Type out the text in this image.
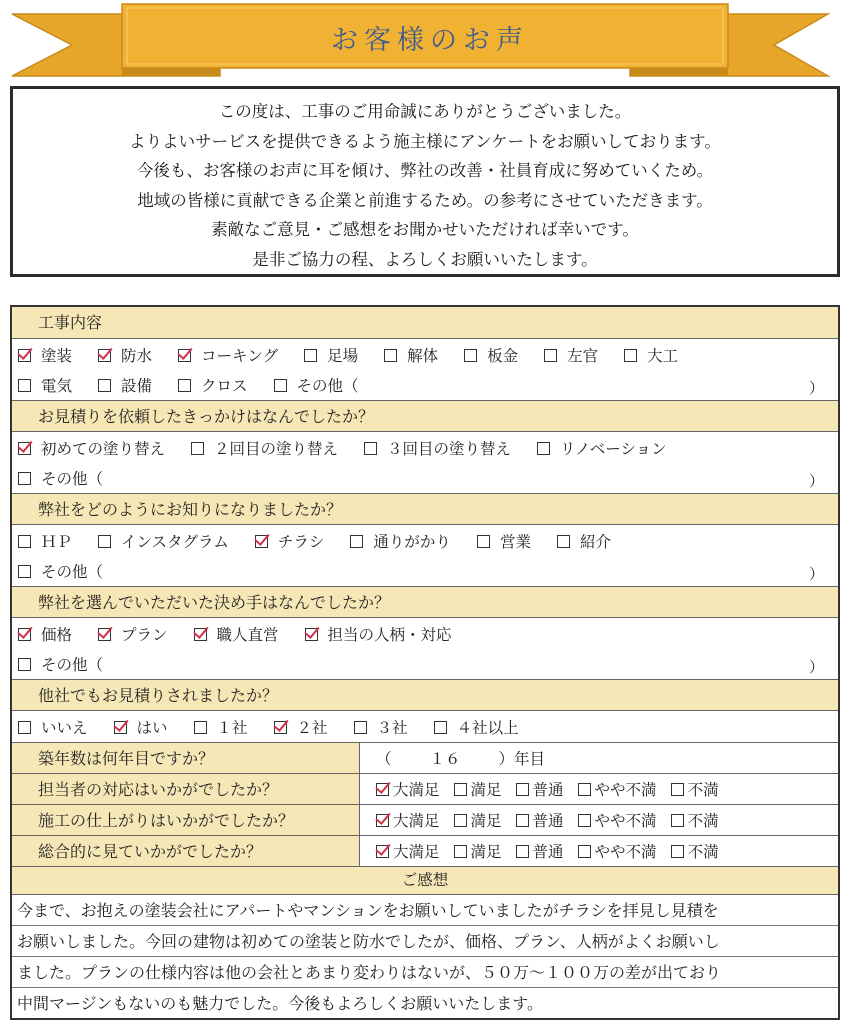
お客様のお声
この度は、工事のご用命誠にありがとうございました。
よりよいサービスを提供できるよう施主様にアンケートをお願いしております。
今後も、お客様のお声に耳を傾け、弊社の改善・社員育成に努めていくため。
地域の皆様に貢献できる企業と前進するため。の参考にさせていただきます。
素敵なご意見・ご感想をお聞かせいただければ幸いです。
是非ご協力の程、よろしくお願いいたします。
工事内容
塗装	防水	コーキング	足場	解体	板金	左官	大工
電気	設備	クロス	その他（	）
お見積りを依頼したきっかけはなんでしたか？
初めての塗り替え	２回目の塗り替え	３回目の塗り替え	リノベーション
その他（	）
弊社をどのようにお知りになりましたか？
ＨＰ	インスタグラム	チラシ	通りがかり	営業	紹介
その他（	）
弊社を選んでいただいた決め手はなんでしたか？
価格	プラン	職人直営	担当の人柄・対応
その他（	）
他社でもお見積りされましたか？
いいえ	はい	１社	２社	３社	４社以上
築年数は何年目ですか？	（ １６ ）年目
担当者の対応はいかがでしたか？	大満足 満足 普通 やや不満 不満
施工の仕上がりはいかがでしたか？	大満足 満足 普通 やや不満 不満
総合的に見ていかがでしたか？	大満足 満足 普通 やや不満 不満
ご感想
今まで、お抱えの塗装会社にアパートやマンションをお願いしていましたがチラシを拝見し見積を
お願いしました。今回の建物は初めての塗装と防水でしたが、価格、プラン、人柄がよくお願いし
ました。プランの仕様内容は他の会社とあまり変わりはないが、５０万～１００万の差が出ており
中間マージンもないのも魅力でした。今後もよろしくお願いいたします。
